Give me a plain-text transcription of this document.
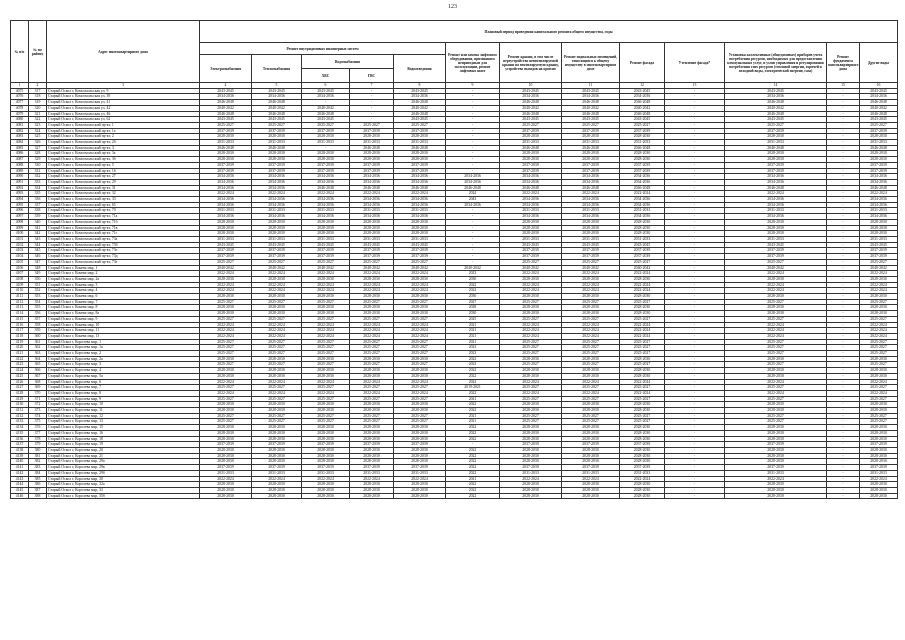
123
№ п/п	№ по району	Адрес многоквартирного дома	Плановый период проведения капитального ремонта общего имущества, годы												
			Ремонт внутридомовых инженерных систем					Ремонт или замена лифтового оборудования, признанного непригодным для эксплуатации, ремонт лифтовых шахт	Ремонт крыши, в том числе переустройство невентилируемой крыши на вентилируемую крышу, устройство выходов на кровлю	Ремонт подвальных помещений, относящихся к общему имуществу в многоквартирном доме	Ремонт фасада	Утепление фасада*	Установка коллективных (общедомовых) приборов учета потребления ресурсов, необходимых для предоставления коммунальных услуг, и узлов управления и регулирования потребления этих ресурсов (тепловой энергии, горячей и холодной воды, электрической энергии, газа)	Ремонт фундамента многоквартирного дома	Другие виды
			Электроснабжения	Теплоснабжения	Водоснабжения		Водоотведения								
					ХВС	ГВС									
1	2	3	4	5	6	7	8	9	10	11	12	13	14	15	16
4075	317	Старый Оскол г, Комсомольская ул, 9	2043-2045	2043-2045	2043-2045	-	2043-2045	-	2043-2045	2043-2045	2043-2045	-	2043-2045	-	2043-2045
4076	318	Старый Оскол г, Комсомольская ул, 39	2034-2036	2034-2036	2034-2036	-	2034-2036	-	2034-2036	2034-2036	2034-2036	-	2034-2036	-	2034-2036
4077	319	Старый Оскол г, Комсомольская ул, 41	2046-2048	2046-2048	-	-	2046-2048	-	2046-2048	2046-2048	2046-2048	-	2046-2048	-	2046-2048
4078	320	Старый Оскол г, Комсомольская ул, 42	2040-2042	2040-2042	2040-2042	-	2040-2042	-	2040-2042	2040-2042	2040-2042	-	2040-2042	-	2040-2042
4079	321	Старый Оскол г, Комсомольская ул, 46	2046-2048	2046-2048	2046-2048	-	2046-2048	-	2046-2048	2046-2048	2046-2048	-	2046-2048	-	2046-2048
4080	322	Старый Оскол г, Комсомольская ул, 62	2043-2045	2043-2045	2043-2045	-	2043-2045	-	2043-2045	2043-2045	2043-2045	-	2043-2045	-	2043-2045
4081	323	Старый Оскол г, Комсомольский пр-кт, 1	2025-2027	2025-2027	2025-2027	2025-2027	2025-2027	-	2025-2027	2025-2027	2025-2027	-	2025-2027	-	2025-2027
4082	324	Старый Оскол г, Комсомольский пр-кт, 1а	2037-2039	2037-2039	2037-2039	2037-2039	2037-2039	-	2037-2039	2037-2039	2037-2039	-	2037-2039	-	2037-2039
4083	325	Старый Оскол г, Комсомольский пр-кт, 2	2028-2030	2028-2030	2028-2030	2028-2030	2028-2030	-	2028-2030	2028-2030	2028-2030	-	2028-2030	-	2028-2030
4084	326	Старый Оскол г, Комсомольский пр-кт, 2б	2031-2033	2031-2033	2031-2033	2031-2033	2031-2033	-	2031-2033	2031-2033	2031-2033	-	2031-2033	-	2031-2033
4085	327	Старый Оскол г, Комсомольский пр-кт, 3	2046-2048	2046-2048	-	2046-2048	2046-2048	-	2046-2048	2046-2048	2046-2048	-	2046-2048	-	2046-2048
4086	328	Старый Оскол г, Комсомольский пр-кт, 3а	2028-2030	2028-2030	2028-2030	2028-2030	2028-2030	-	2028-2030	2028-2030	2028-2030	-	2028-2030	-	2028-2030
4087	329	Старый Оскол г, Комсомольский пр-кт, 3б	2028-2030	2028-2030	2028-2030	2028-2030	2028-2030	-	2028-2030	2028-2030	2028-2030	-	2028-2030	-	2028-2030
4088	330	Старый Оскол г, Комсомольский пр-кт, 5	2037-2039	2037-2039	2037-2039	2037-2039	2037-2039	-	2037-2039	2037-2039	2037-2039	-	2037-2039	-	2037-2039
4089	331	Старый Оскол г, Комсомольский пр-кт, 16	2037-2039	2037-2039	2037-2039	2037-2039	2037-2039	-	2037-2039	2037-2039	2037-2039	-	2037-2039	-	2037-2039
4090	332	Старый Оскол г, Комсомольский пр-кт, 27	2034-2036	2034-2036	2034-2036	2034-2036	2034-2036	2034-2036	2034-2036	2034-2036	2034-2036	-	2034-2036	-	2034-2036
4091	333	Старый Оскол г, Комсомольский пр-кт, 29	2034-2036	2034-2036	2034-2036	2034-2036	2034-2036	2034-2036	2034-2036	2034-2036	2034-2036	-	2034-2036	-	2034-2036
4092	334	Старый Оскол г, Комсомольский пр-кт, 31	2034-2036	2034-2036	2046-2048	2046-2048	2046-2048	2046-2048	2046-2048	2046-2048	2046-2048	-	2046-2048	-	2046-2048
4093	335	Старый Оскол г, Комсомольский пр-кт, 32	2022-2024	2022-2024	2022-2024	2022-2024	2022-2024	2024	2022-2024	2022-2024	2022-2024	-	2022-2024	-	2022-2024
4094	336	Старый Оскол г, Комсомольский пр-кт, 33	2034-2036	2034-2036	2034-2036	2034-2036	2034-2036	2043	2034-2036	2034-2036	2034-2036	-	2034-2036	-	2034-2036
4095	337	Старый Оскол г, Комсомольский пр-кт, 65	2034-2036	2034-2036	2034-2036	2034-2036	2034-2036	2034-2036	2034-2036	2034-2036	2034-2036	-	2034-2036	-	2034-2036
4096	338	Старый Оскол г, Комсомольский пр-кт, 70	2031-2033	2031-2033	2031-2033	2031-2033	2031-2033	-	2031-2033	2031-2033	2031-2033	-	2031-2033	-	2031-2033
4097	339	Старый Оскол г, Комсомольский пр-кт, 71а	2034-2036	2034-2036	2034-2036	2034-2036	2034-2036	-	2034-2036	2034-2036	2034-2036	-	2034-2036	-	2034-2036
4098	340	Старый Оскол г, Комсомольский пр-кт, 71б	2028-2030	2028-2030	2028-2030	2028-2030	2028-2030	-	2028-2030	2028-2030	2028-2030	-	2028-2030	-	2028-2030
4099	341	Старый Оскол г, Комсомольский пр-кт, 71в	2028-2030	2028-2030	2028-2030	2028-2030	2028-2030	-	2028-2030	2028-2030	2028-2030	-	2028-2030	-	2028-2030
4100	342	Старый Оскол г, Комсомольский пр-кт, 71г	2028-2030	2028-2030	2028-2030	2028-2030	2028-2030	-	2028-2030	2028-2030	2028-2030	-	2028-2030	-	2028-2030
4101	343	Старый Оскол г, Комсомольский пр-кт, 73а	2031-2033	2031-2033	2031-2033	2031-2033	2031-2033	-	2031-2033	2031-2033	2031-2033	-	2031-2033	-	2031-2033
4102	344	Старый Оскол г, Комсомольский пр-кт, 73б	2043-2045	2043-2045	2043-2045	2043-2045	2043-2045	-	2043-2045	2043-2045	2043-2045	-	2043-2045	-	2043-2045
4103	345	Старый Оскол г, Комсомольский пр-кт, 73г	2037-2039	2037-2039	2037-2039	2037-2039	2037-2039	-	2037-2039	2037-2039	2037-2039	-	2037-2039	-	2037-2039
4104	346	Старый Оскол г, Комсомольский пр-кт, 73д	2037-2039	2037-2039	2037-2039	2037-2039	2037-2039	-	2037-2039	2037-2039	2037-2039	-	2037-2039	-	2037-2039
4105	347	Старый Оскол г, Комсомольский пр-кт, 73е	2025-2027	2025-2027	2025-2027	2025-2027	2025-2027	-	2025-2027	2025-2027	2025-2027	-	2025-2027	-	2025-2027
4106	348	Старый Оскол г, Конева мкр, 1	2040-2042	2040-2042	2040-2042	2040-2042	2040-2042	2040-2042	2040-2042	2040-2042	2040-2042	-	2040-2042	-	2040-2042
4107	349	Старый Оскол г, Конева мкр, 2	2022-2024	2022-2024	2022-2024	2022-2024	2022-2024	2023	2022-2024	2022-2024	2022-2024	-	2022-2024	-	2022-2024
4108	350	Старый Оскол г, Конева мкр, 2а	2028-2030	2028-2030	2028-2030	2028-2030	2028-2030	2030	2028-2030	2028-2030	2028-2030	-	2028-2030	-	2028-2030
4109	351	Старый Оскол г, Конева мкр, 3	2022-2024	2022-2024	2022-2024	2022-2024	2022-2024	2022	2022-2024	2022-2024	2022-2024	-	2022-2024	-	2022-2024
4110	352	Старый Оскол г, Конева мкр, 4	2022-2024	2022-2024	2022-2024	2022-2024	2022-2024	2022	2022-2024	2022-2024	2022-2024	-	2022-2024	-	2022-2024
4111	353	Старый Оскол г, Конева мкр, 6	2028-2030	2028-2030	2028-2030	2028-2030	2028-2030	2030	2028-2030	2028-2030	2028-2030	-	2028-2030	-	2028-2030
4112	354	Старый Оскол г, Конева мкр, 7	2025-2027	2025-2027	2025-2027	2025-2027	2025-2027	2027	2025-2027	2025-2027	2025-2027	-	2025-2027	-	2025-2027
4113	355	Старый Оскол г, Конева мкр, 8	2028-2030	2028-2030	2028-2030	2028-2030	2028-2030	2028	2028-2030	2028-2030	2028-2030	-	2028-2030	-	2028-2030
4114	356	Старый Оскол г, Конева мкр, 8а	2028-2030	2028-2030	2028-2030	2028-2030	2028-2030	2030	2028-2030	2028-2030	2028-2030	-	2028-2030	-	2028-2030
4115	357	Старый Оскол г, Конева мкр, 9	2025-2027	2025-2027	2025-2027	2025-2027	2025-2027	2025	2025-2027	2025-2027	2025-2027	-	2025-2027	-	2025-2027
4116	358	Старый Оскол г, Конева мкр, 10	2022-2024	2022-2024	2022-2024	2022-2024	2022-2024	2021	2022-2024	2022-2024	2022-2024	-	2022-2024	-	2022-2024
4117	359	Старый Оскол г, Конева мкр, 11	2022-2024	2022-2024	2022-2024	2022-2024	2022-2024	2021	2022-2024	2022-2024	2022-2024	-	2022-2024	-	2022-2024
4118	360	Старый Оскол г, Конева мкр, 13	2022-2024	2022-2024	2022-2024	2022-2024	2022-2024	2021	2022-2024	2022-2024	2022-2024	-	2022-2024	-	2022-2024
4119	361	Старый Оскол г, Королева мкр, 1	2025-2027	2025-2027	2025-2027	2025-2027	2025-2027	2021	2025-2027	2025-2027	2025-2027	-	2025-2027	-	2025-2027
4120	362	Старый Оскол г, Королева мкр, 1а	2025-2027	2025-2027	2025-2027	2025-2027	2025-2027	2023	2025-2027	2025-2027	2025-2027	-	2025-2027	-	2025-2027
4121	363	Старый Оскол г, Королева мкр, 2	2025-2027	2025-2027	2025-2027	2025-2027	2025-2027	2023	2025-2027	2025-2027	2025-2027	-	2025-2027	-	2025-2027
4122	364	Старый Оскол г, Королева мкр, 2а	2028-2030	2028-2030	2028-2030	2028-2030	2028-2030	2022	2028-2030	2028-2030	2028-2030	-	2028-2030	-	2028-2030
4123	365	Старый Оскол г, Королева мкр, 3	2025-2027	2025-2027	2025-2027	2025-2027	2025-2027	2023	2025-2027	2025-2027	2025-2027	-	2025-2027	-	2025-2027
4124	366	Старый Оскол г, Королева мкр, 4	2028-2030	2028-2030	2028-2030	2028-2030	2028-2030	2022	2028-2030	2028-2030	2028-2030	-	2028-2030	-	2028-2030
4125	367	Старый Оскол г, Королева мкр, 5а	2028-2030	2028-2030	2028-2030	2028-2030	2028-2030	2022	2028-2030	2028-2030	2028-2030	-	2028-2030	-	2028-2030
4126	368	Старый Оскол г, Королева мкр, 6	2022-2024	2022-2024	2022-2024	2022-2024	2022-2024	2022	2022-2024	2022-2024	2022-2024	-	2022-2024	-	2022-2024
4127	369	Старый Оскол г, Королева мкр, 7	2025-2027	2025-2027	2025-2027	2025-2027	2025-2027	2019-2021	2025-2027	2025-2027	2025-2027	-	2025-2027	-	2025-2027
4128	370	Старый Оскол г, Королева мкр, 8	2022-2024	2022-2024	2022-2024	2022-2024	2022-2024	2022	2022-2024	2022-2024	2022-2024	-	2022-2024	-	2022-2024
4129	371	Старый Оскол г, Королева мкр, 9	2025-2027	2025-2027	2025-2027	2025-2027	2025-2027	2021	2025-2027	2025-2027	2025-2027	-	2025-2027	-	2025-2027
4130	372	Старый Оскол г, Королева мкр, 10	2028-2030	2028-2030	2028-2030	2028-2030	2028-2030	2022	2028-2030	2028-2030	2028-2030	-	2028-2030	-	2028-2030
4131	373	Старый Оскол г, Королева мкр, 11	2028-2030	2028-2030	2028-2030	2028-2030	2028-2030	2022	2028-2030	2028-2030	2028-2030	-	2028-2030	-	2028-2030
4132	374	Старый Оскол г, Королева мкр, 12	2025-2027	2025-2027	2025-2027	2025-2027	2025-2027	2021	2025-2027	2025-2027	2025-2027	-	2025-2027	-	2025-2027
4133	375	Старый Оскол г, Королева мкр, 13	2025-2027	2025-2027	2025-2027	2025-2027	2025-2027	2021	2025-2027	2025-2027	2025-2027	-	2025-2027	-	2025-2027
4134	376	Старый Оскол г, Королева мкр, 15	2028-2030	2028-2030	2028-2030	2028-2030	2028-2030	2022	2028-2030	2028-2030	2028-2030	-	2028-2030	-	2028-2030
4135	377	Старый Оскол г, Королева мкр, 16	2028-2030	2028-2030	2028-2030	2028-2030	2028-2030	2022	2028-2030	2028-2030	2028-2030	-	2028-2030	-	2028-2030
4136	378	Старый Оскол г, Королева мкр, 18	2028-2030	2028-2030	2028-2030	2028-2030	2028-2030	2022	2028-2030	2028-2030	2028-2030	-	2028-2030	-	2028-2030
4137	379	Старый Оскол г, Королева мкр, 19	2037-2039	2037-2039	2037-2039	2037-2039	2037-2039	-	2037-2039	2037-2039	2037-2039	-	2037-2039	-	2037-2039
4138	380	Старый Оскол г, Королева мкр, 20	2028-2030	2028-2030	2028-2030	2028-2030	2028-2030	2022	2028-2030	2028-2030	2028-2030	-	2028-2030	-	2028-2030
4139	381	Старый Оскол г, Королева мкр, 21	2028-2030	2028-2030	2028-2030	2028-2030	2028-2030	2022	2028-2030	2028-2030	2028-2030	-	2028-2030	-	2028-2030
4140	382	Старый Оскол г, Королева мкр, 29а	2028-2030	2028-2030	2028-2030	2028-2030	2028-2030	2022	2028-2030	2028-2030	2028-2030	-	2028-2030	-	2028-2030
4141	383	Старый Оскол г, Королева мкр, 29в	2037-2039	2037-2039	2037-2039	2037-2039	2037-2039	2022	2037-2039	2037-2039	2037-2039	-	2037-2039	-	2037-2039
4142	384	Старый Оскол г, Королева мкр, 29б	2031-2033	2031-2033	2031-2033	2031-2033	2031-2033	2022	2031-2033	2031-2033	2031-2033	-	2031-2033	-	2031-2033
4143	385	Старый Оскол г, Королева мкр, 30	2022-2024	2022-2024	2022-2024	2022-2024	2022-2024	2021	2022-2024	2022-2024	2022-2024	-	2022-2024	-	2022-2024
4144	386	Старый Оскол г, Королева мкр, 32а	2028-2030	2028-2030	2028-2030	2028-2030	2028-2030	2022	2028-2030	2028-2030	2028-2030	-	2028-2030	-	2028-2030
4145	387	Старый Оскол г, Королева мкр, 33	2028-2030	2028-2030	2028-2030	2028-2030	2028-2030	2022	2028-2030	2028-2030	2028-2030	-	2028-2030	-	2028-2030
4146	388	Старый Оскол г, Королева мкр, 35б	2028-2030	2028-2030	2028-2030	2028-2030	2028-2030	2022	2028-2030	2028-2030	2028-2030	-	2028-2030	-	2028-2030
